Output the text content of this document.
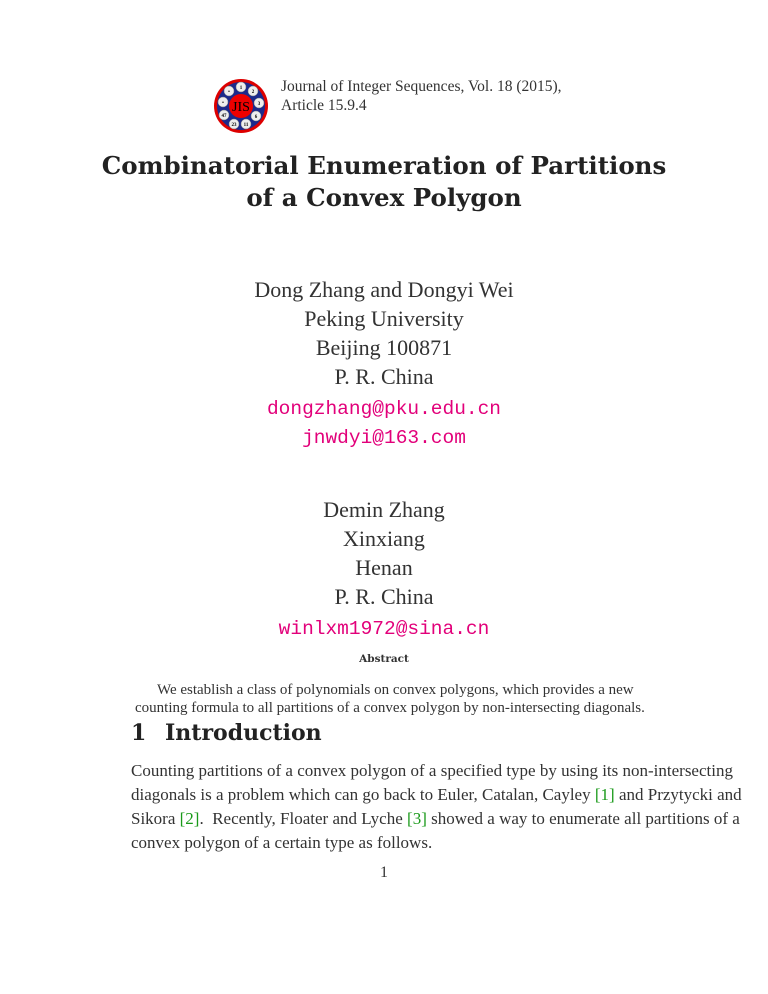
1
2
3
6
11
23
47
•
•
JIS
Journal of Integer Sequences, Vol. 18 (2015),
Article 15.9.4
Combinatorial Enumeration of Partitions
of a Convex Polygon
Dong Zhang and Dongyi Wei
Peking University
Beijing 100871
P. R. China
dongzhang@pku.edu.cn
jnwdyi@163.com
Demin Zhang
Xinxiang
Henan
P. R. China
winlxm1972@sina.cn
Abstract
We establish a class of polynomials on convex polygons, which provides a new
counting formula to all partitions of a convex polygon by non-intersecting diagonals.
1 Introduction
Counting partitions of a convex polygon of a specified type by using its non-intersecting
diagonals is a problem which can go back to Euler, Catalan, Cayley [1] and Przytycki and
Sikora [2].  Recently, Floater and Lyche [3] showed a way to enumerate all partitions of a
convex polygon of a certain type as follows.
1
